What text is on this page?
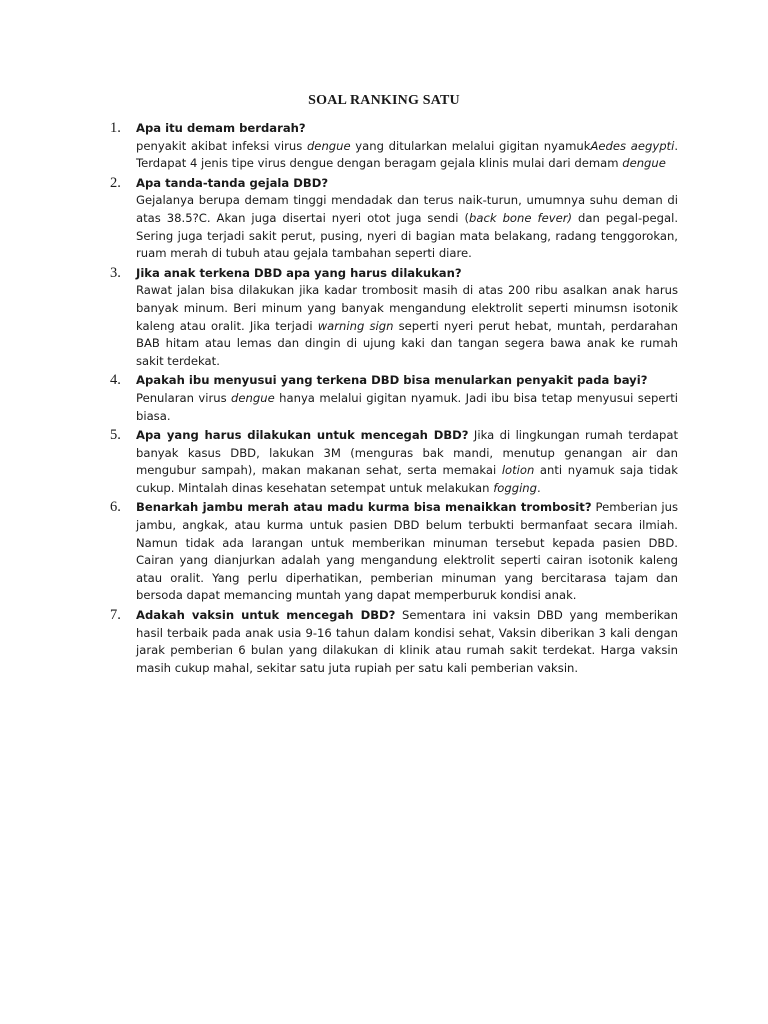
SOAL RANKING SATU
1. Apa itu demam berdarah?
penyakit akibat infeksi virus dengue yang ditularkan melalui gigitan nyamukAedes aegypti. Terdapat 4 jenis tipe virus dengue dengan beragam gejala klinis mulai dari demam dengue
2. Apa tanda-tanda gejala DBD?
Gejalanya berupa demam tinggi mendadak dan terus naik-turun, umumnya suhu deman di atas 38.5?C. Akan juga disertai nyeri otot juga sendi (back bone fever) dan pegal-pegal. Sering juga terjadi sakit perut, pusing, nyeri di bagian mata belakang, radang tenggorokan, ruam merah di tubuh atau gejala tambahan seperti diare.
3. Jika anak terkena DBD apa yang harus dilakukan?
Rawat jalan bisa dilakukan jika kadar trombosit masih di atas 200 ribu asalkan anak harus banyak minum. Beri minum yang banyak mengandung elektrolit seperti minumsn isotonik kaleng atau oralit. Jika terjadi warning sign seperti nyeri perut hebat, muntah, perdarahan BAB hitam atau lemas dan dingin di ujung kaki dan tangan segera bawa anak ke rumah sakit terdekat.
4. Apakah ibu menyusui yang terkena DBD bisa menularkan penyakit pada bayi?
Penularan virus dengue hanya melalui gigitan nyamuk. Jadi ibu bisa tetap menyusui seperti biasa.
5. Apa yang harus dilakukan untuk mencegah DBD? Jika di lingkungan rumah terdapat banyak kasus DBD, lakukan 3M (menguras bak mandi, menutup genangan air dan mengubur sampah), makan makanan sehat, serta memakai lotion anti nyamuk saja tidak cukup. Mintalah dinas kesehatan setempat untuk melakukan fogging.
6. Benarkah jambu merah atau madu kurma bisa menaikkan trombosit? Pemberian jus jambu, angkak, atau kurma untuk pasien DBD belum terbukti bermanfaat secara ilmiah. Namun tidak ada larangan untuk memberikan minuman tersebut kepada pasien DBD. Cairan yang dianjurkan adalah yang mengandung elektrolit seperti cairan isotonik kaleng atau oralit. Yang perlu diperhatikan, pemberian minuman yang bercitarasa tajam dan bersoda dapat memancing muntah yang dapat memperburuk kondisi anak.
7. Adakah vaksin untuk mencegah DBD? Sementara ini vaksin DBD yang memberikan hasil terbaik pada anak usia 9-16 tahun dalam kondisi sehat, Vaksin diberikan 3 kali dengan jarak pemberian 6 bulan yang dilakukan di klinik atau rumah sakit terdekat. Harga vaksin masih cukup mahal, sekitar satu juta rupiah per satu kali pemberian vaksin.
